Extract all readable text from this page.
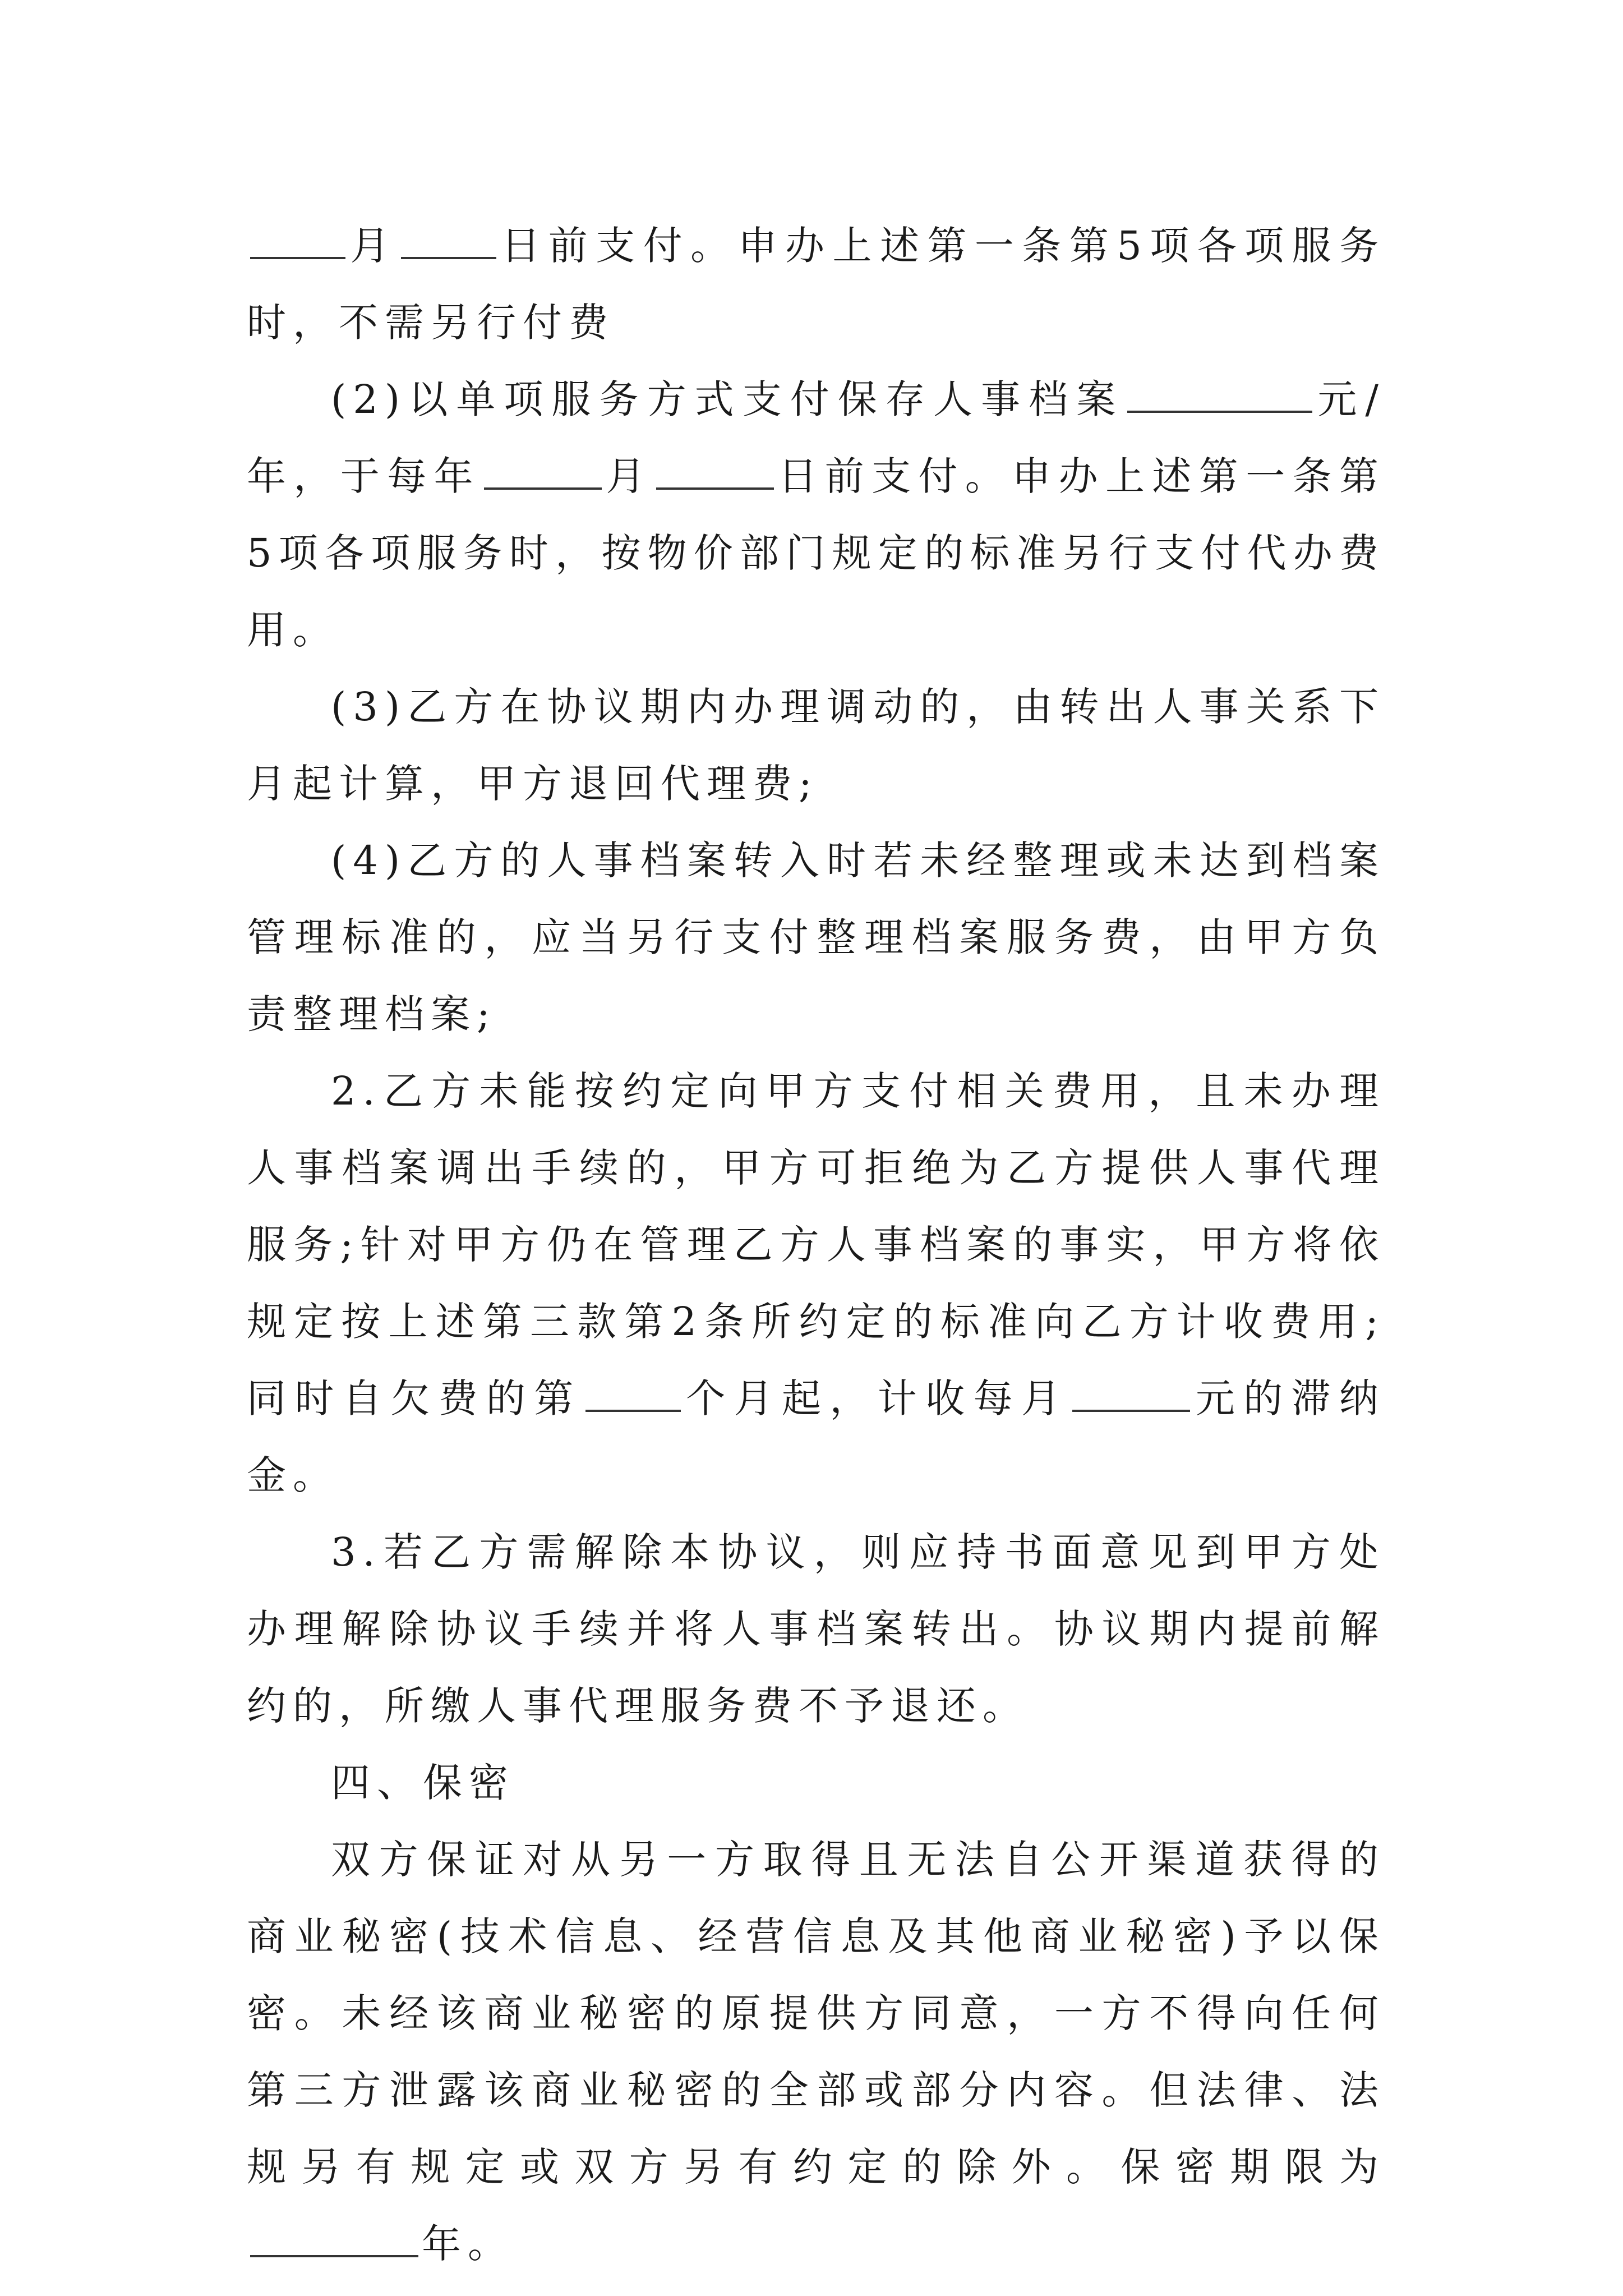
月	日前支付。申办上述第一条第5项各项服务时，不需另行付费

(2)以单项服务方式支付保存人事档案	元/年，于每年	月	日前支付。申办上述第一条第5项各项服务时，按物价部门规定的标准另行支付代办费用。

(3)乙方在协议期内办理调动的，由转出人事关系下月起计算，甲方退回代理费;

(4)乙方的人事档案转入时若未经整理或未达到档案管理标准的，应当另行支付整理档案服务费，由甲方负责整理档案;

2.乙方未能按约定向甲方支付相关费用，且未办理人事档案调出手续的，甲方可拒绝为乙方提供人事代理服务;针对甲方仍在管理乙方人事档案的事实，甲方将依规定按上述第三款第2条所约定的标准向乙方计收费用;同时自欠费的第	个月起，计收每月	元的滞纳金。

3.若乙方需解除本协议，则应持书面意见到甲方处办理解除协议手续并将人事档案转出。协议期内提前解约的，所缴人事代理服务费不予退还。

四、保密

双方保证对从另一方取得且无法自公开渠道获得的商业秘密(技术信息、经营信息及其他商业秘密)予以保密。未经该商业秘密的原提供方同意，一方不得向任何第三方泄露该商业秘密的全部或部分内容。但法律、法规另有规定或双方另有约定的除外。保密期限为年。
